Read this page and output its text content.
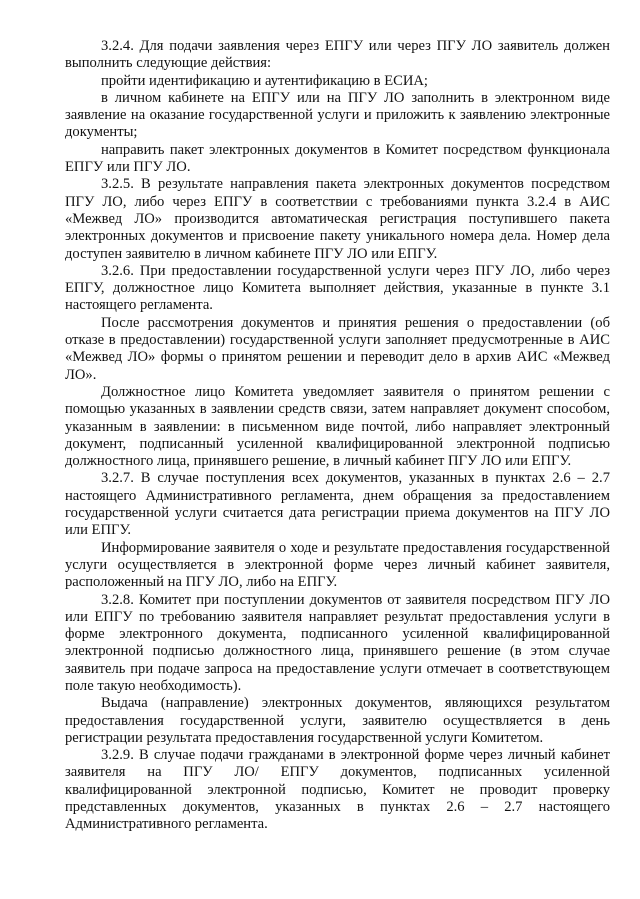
3.2.4. Для подачи заявления через ЕПГУ или через ПГУ ЛО заявитель должен выполнить следующие действия:

пройти идентификацию и аутентификацию в ЕСИА;

в личном кабинете на ЕПГУ или на ПГУ ЛО заполнить в электронном виде заявление на оказание государственной услуги и приложить к заявлению электронные документы;

направить пакет электронных документов в Комитет посредством функционала ЕПГУ или ПГУ ЛО.

3.2.5. В результате направления пакета электронных документов посредством ПГУ ЛО, либо через ЕПГУ в соответствии с требованиями пункта 3.2.4 в АИС «Межвед ЛО» производится автоматическая регистрация поступившего пакета электронных документов и присвоение пакету уникального номера дела. Номер дела доступен заявителю в личном кабинете ПГУ ЛО или ЕПГУ.

3.2.6. При предоставлении государственной услуги через ПГУ ЛО, либо через ЕПГУ, должностное лицо Комитета выполняет действия, указанные в пункте 3.1 настоящего регламента.

После рассмотрения документов и принятия решения о предоставлении (об отказе в предоставлении) государственной услуги заполняет предусмотренные в АИС «Межвед ЛО» формы о принятом решении и переводит дело в архив АИС «Межвед ЛО».

Должностное лицо Комитета уведомляет заявителя о принятом решении с помощью указанных в заявлении средств связи, затем направляет документ способом, указанным в заявлении: в письменном виде почтой, либо направляет электронный документ, подписанный усиленной квалифицированной электронной подписью должностного лица, принявшего решение, в личный кабинет ПГУ ЛО или ЕПГУ.

3.2.7. В случае поступления всех документов, указанных в пунктах 2.6 – 2.7 настоящего Административного регламента, днем обращения за предоставлением государственной услуги считается дата регистрации приема документов на ПГУ ЛО или ЕПГУ.

Информирование заявителя о ходе и результате предоставления государственной услуги осуществляется в электронной форме через личный кабинет заявителя, расположенный на ПГУ ЛО, либо на ЕПГУ.

3.2.8. Комитет при поступлении документов от заявителя посредством ПГУ ЛО или ЕПГУ по требованию заявителя направляет результат предоставления услуги в форме электронного документа, подписанного усиленной квалифицированной электронной подписью должностного лица, принявшего решение (в этом случае заявитель при подаче запроса на предоставление услуги отмечает в соответствующем поле такую необходимость).

Выдача (направление) электронных документов, являющихся результатом предоставления государственной услуги, заявителю осуществляется в день регистрации результата предоставления государственной услуги Комитетом.

3.2.9. В случае подачи гражданами в электронной форме через личный кабинет заявителя на ПГУ ЛО/ ЕПГУ документов, подписанных усиленной квалифицированной электронной подписью, Комитет не проводит проверку представленных документов, указанных в пунктах 2.6 – 2.7 настоящего Административного регламента.
